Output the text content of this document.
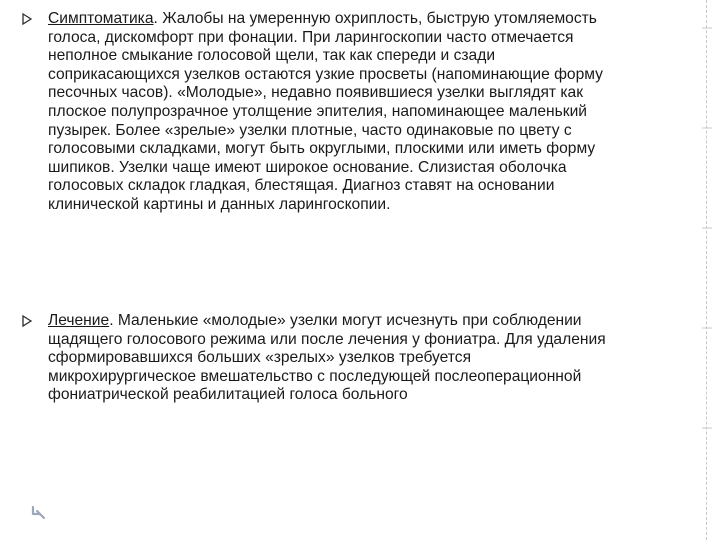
Симптоматика. Жалобы на умеренную охриплость, быструю утомляемость голоса, дискомфорт при фонации. При ларингоскопии часто отмечается неполное смыкание голосовой щели, так как спереди и сзади соприкасающихся узелков остаются узкие просветы (напоминающие форму песочных часов). «Молодые», недавно появившиеся узелки выглядят как плоское полупрозрачное утолщение эпителия, напоминающее маленький пузырек. Более «зрелые» узелки плотные, часто одинаковые по цвету с голосовыми складками, могут быть округлыми, плоскими или иметь форму шипиков. Узелки чаще имеют широкое основание. Слизистая оболочка голосовых складок гладкая, блестящая. Диагноз ставят на основании клинической картины и данных ларингоскопии.

Лечение. Маленькие «молодые» узелки могут исчезнуть при соблюдении щадящего голосового режима или после лечения у фониатра. Для удаления сформировавшихся больших «зрелых» узелков требуется микрохирургическое вмешательство с последующей послеоперационной фониатрической реабилитацией голоса больного
